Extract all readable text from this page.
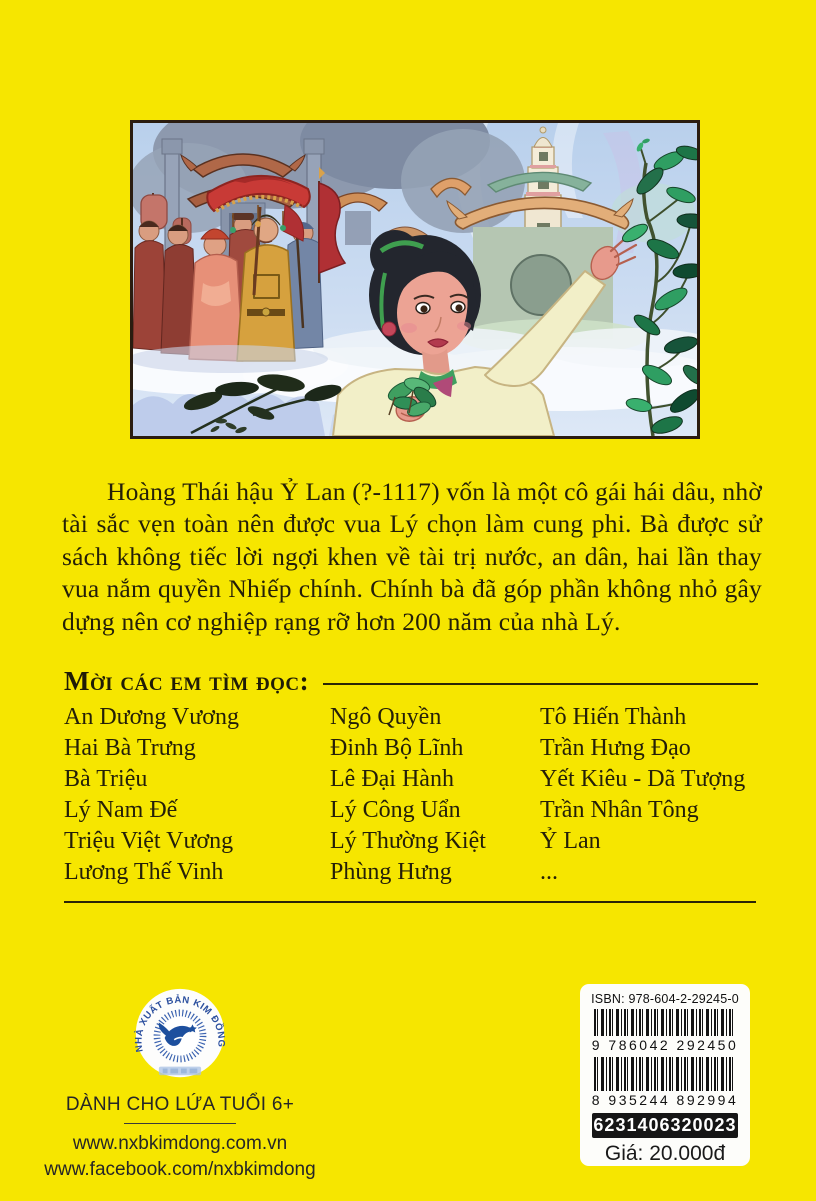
Hoàng Thái hậu Ỷ Lan (?-1117) vốn là một cô gái hái dâu, nhờ tài sắc vẹn toàn nên được vua Lý chọn làm cung phi. Bà được sử sách không tiếc lời ngợi khen về tài trị nước, an dân, hai lần thay vua nắm quyền Nhiếp chính. Chính bà đã góp phần không nhỏ gây dựng nên cơ nghiệp rạng rỡ hơn 200 năm của nhà Lý.

Mời các em tìm đọc:
An Dương Vương
Hai Bà Trưng
Bà Triệu
Lý Nam Đế
Triệu Việt Vương
Lương Thế Vinh
Ngô Quyền
Đinh Bộ Lĩnh
Lê Đại Hành
Lý Công Uẩn
Lý Thường Kiệt
Phùng Hưng
Tô Hiến Thành
Trần Hưng Đạo
Yết Kiêu - Dã Tượng
Trần Nhân Tông
Ỷ Lan
...
NHÀ XUẤT BẢN KIM ĐỒNG
DÀNH CHO LỨA TUỔI 6+
www.nxbkimdong.com.vn
www.facebook.com/nxbkimdong
ISBN: 978-604-2-29245-0
9 786042 292450
8 935244 892994
6231406320023
Giá: 20.000đ
